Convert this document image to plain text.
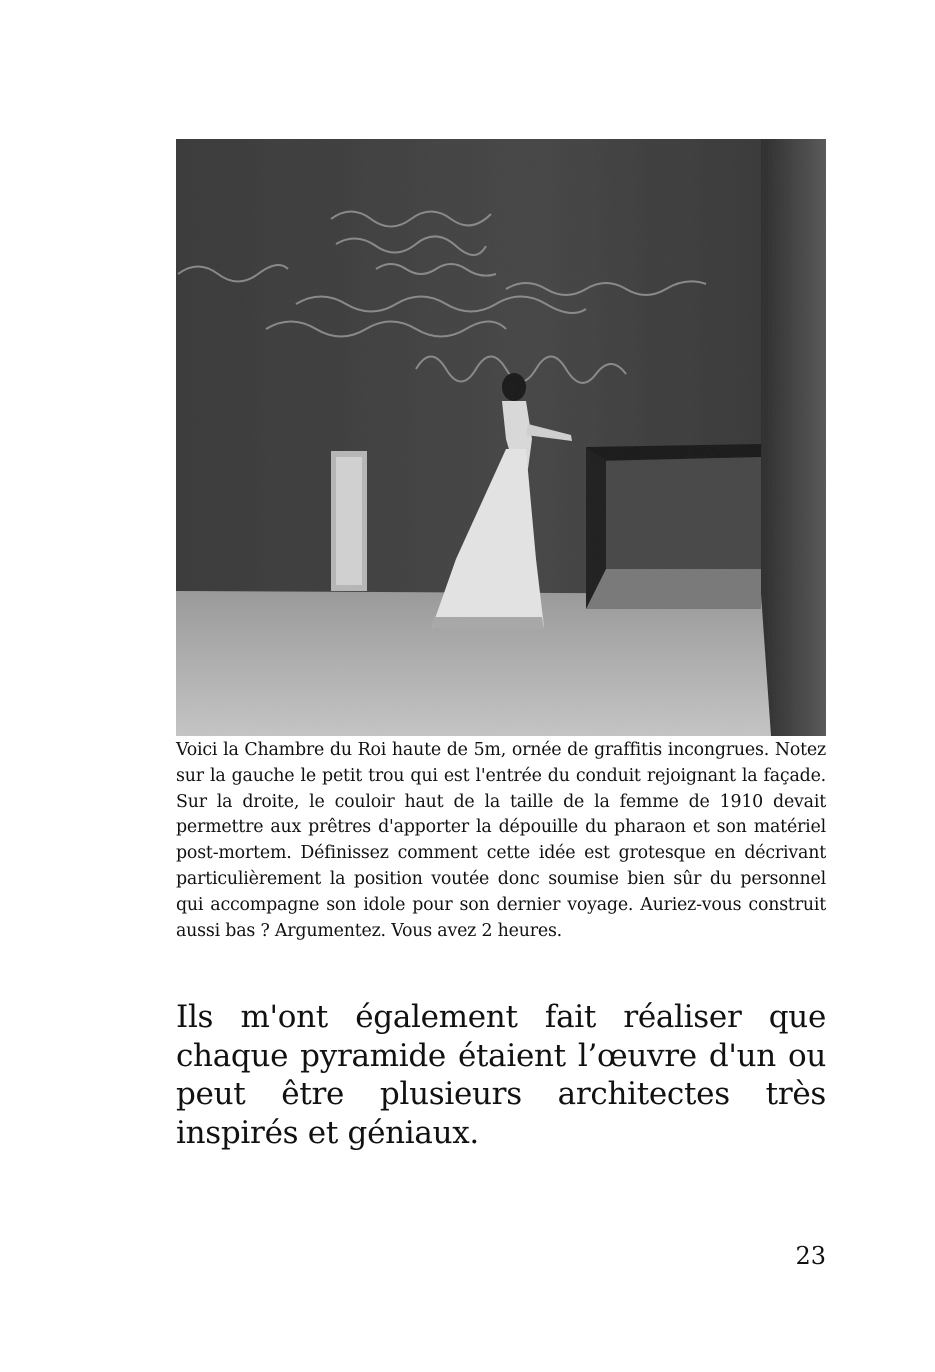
Voici la Chambre du Roi haute de 5m, ornée de graffitis incongrues. Notez sur la gauche le petit trou qui est l'entrée du conduit rejoignant la façade. Sur la droite, le couloir haut de la taille de la femme de 1910 devait permettre aux prêtres d'apporter la dépouille du pharaon et son matériel post-mortem. Définissez comment cette idée est grotesque en décrivant particulièrement la position voutée donc soumise bien sûr du personnel qui accompagne son idole pour son dernier voyage. Auriez-vous construit aussi bas ? Argumentez. Vous avez 2 heures.

Ils m'ont également fait réaliser que chaque pyramide étaient l’œuvre d'un ou peut être plusieurs architectes très inspirés et géniaux.

23
